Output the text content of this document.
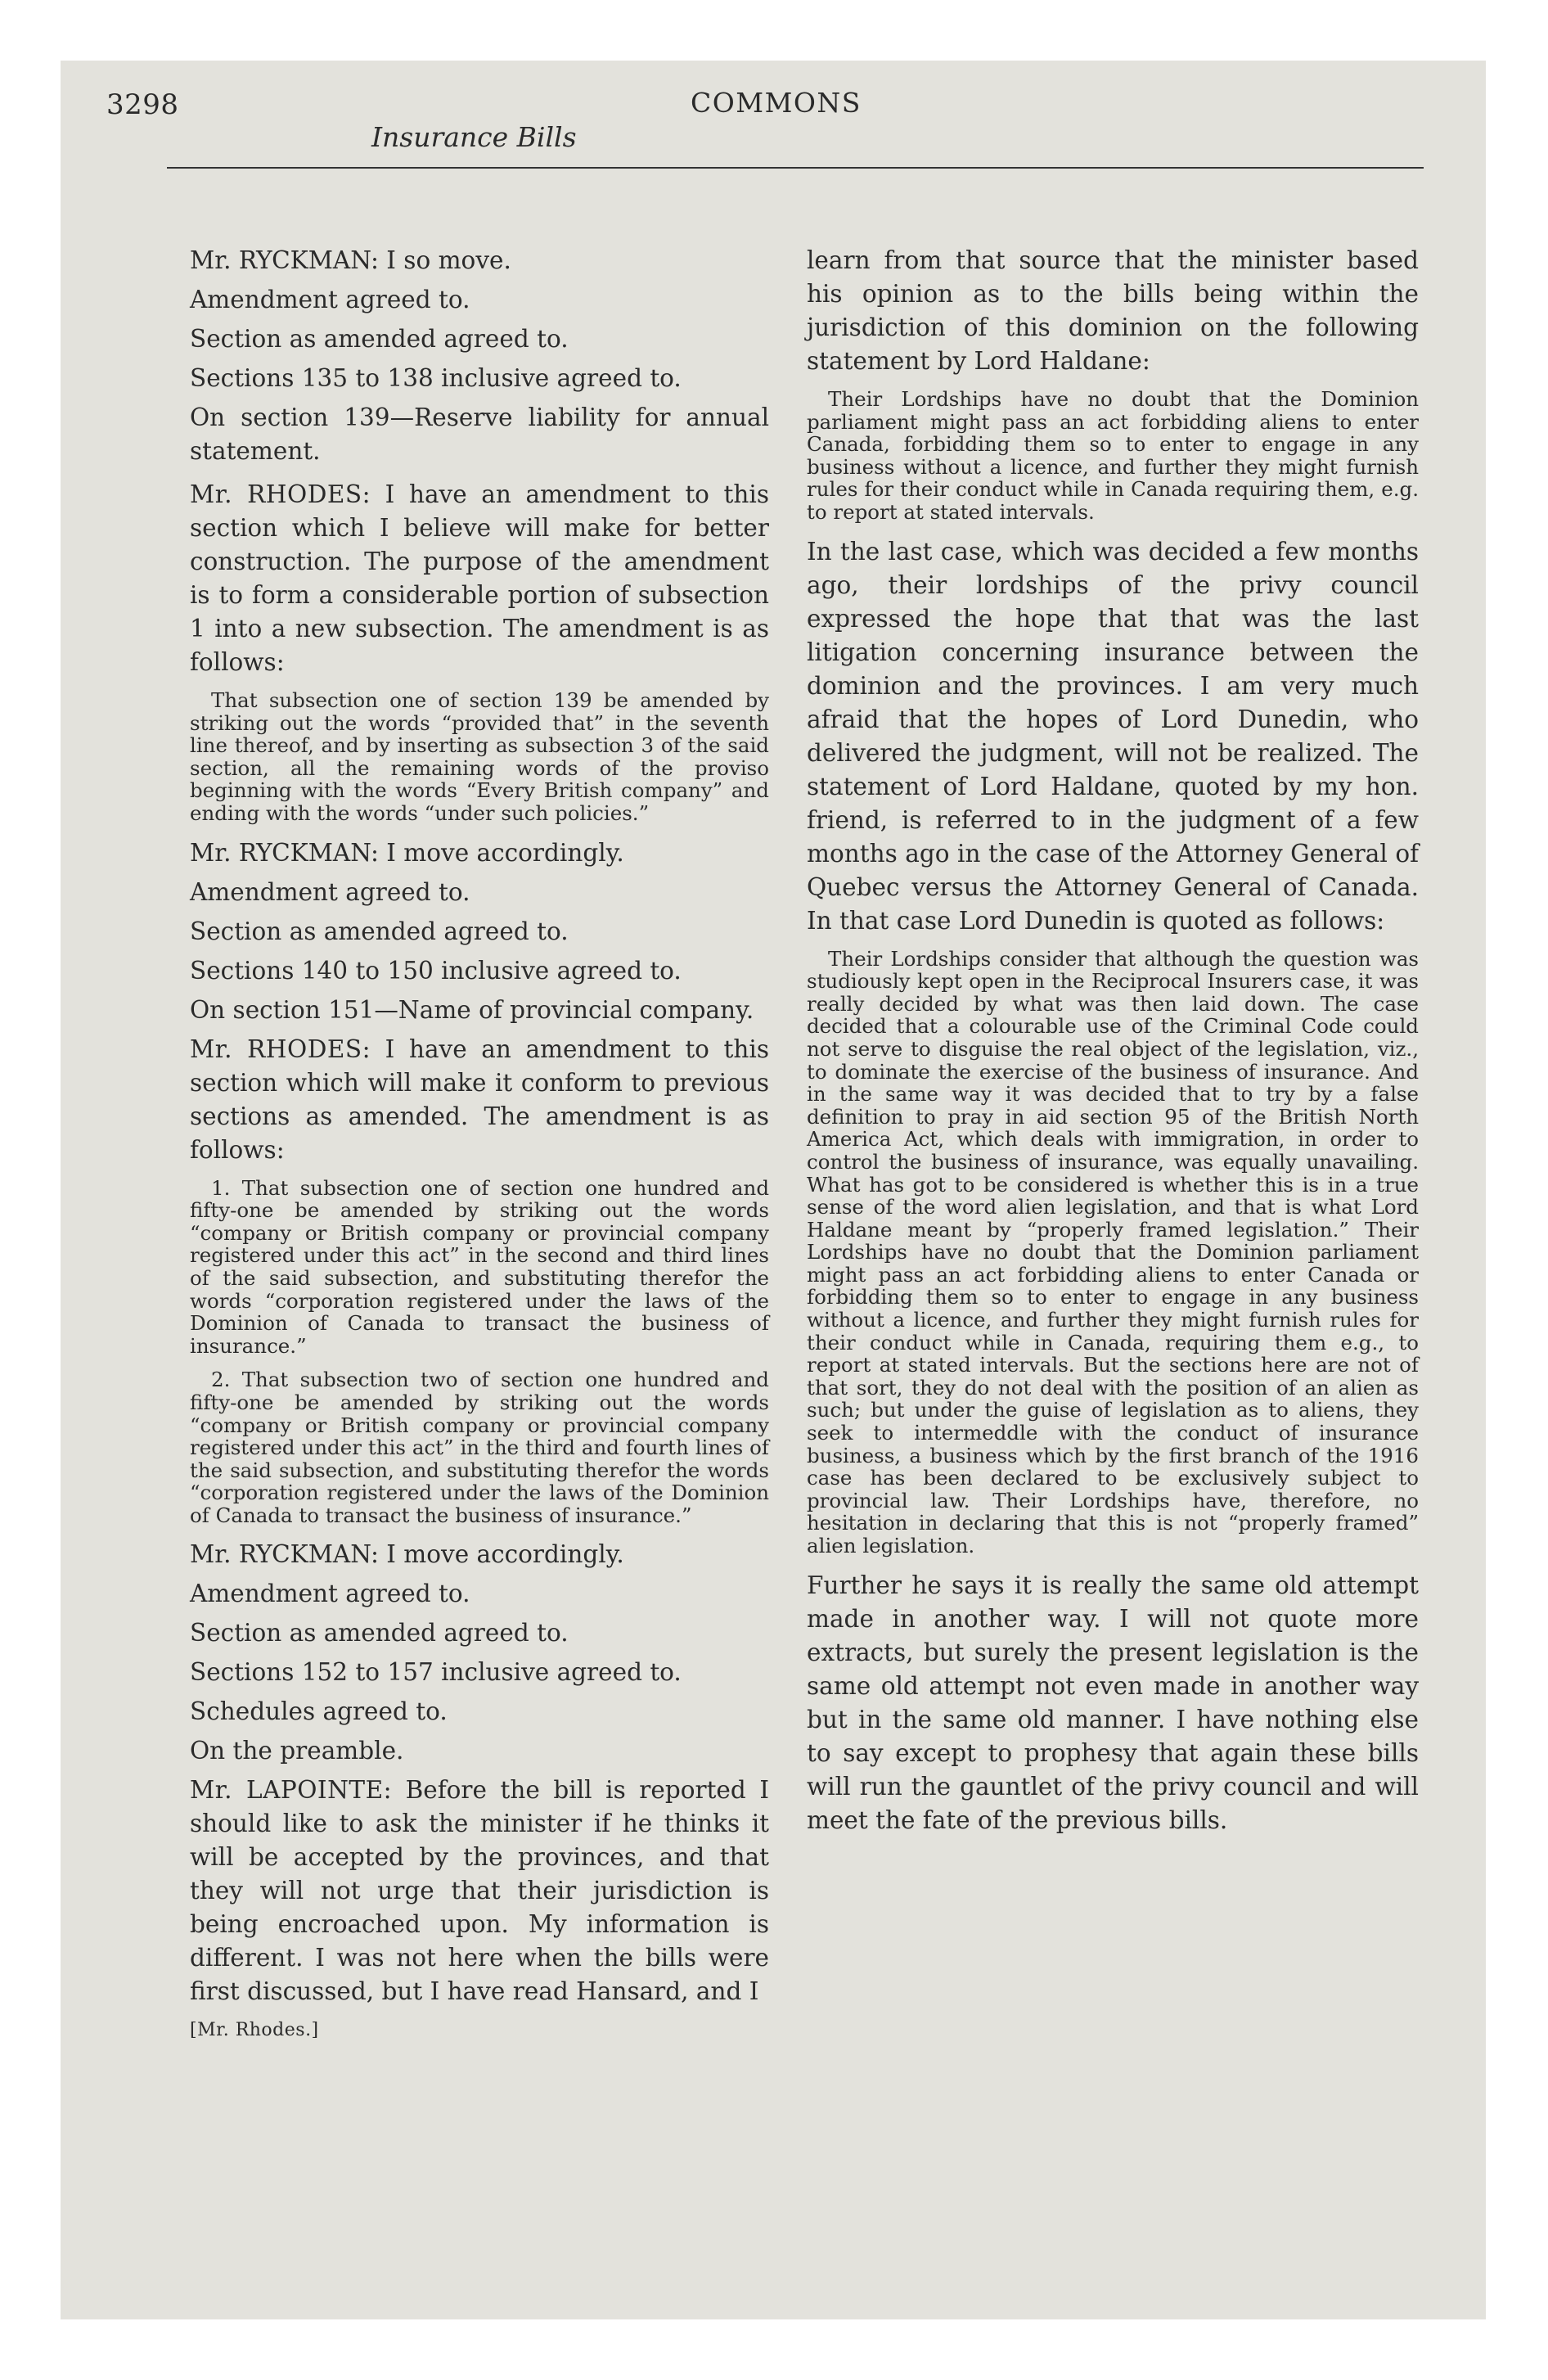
3298	COMMONS
Insurance Bills

Mr. RYCKMAN: I so move.

Amendment agreed to.

Section as amended agreed to.

Sections 135 to 138 inclusive agreed to.

On section 139—Reserve liability for annual statement.

Mr. RHODES: I have an amendment to this section which I believe will make for better construction. The purpose of the amendment is to form a considerable portion of subsection 1 into a new subsection. The amendment is as follows:

That subsection one of section 139 be amended by striking out the words “provided that” in the seventh line thereof, and by inserting as subsection 3 of the said section, all the remaining words of the proviso beginning with the words “Every British company” and ending with the words “under such policies.”

Mr. RYCKMAN: I move accordingly.

Amendment agreed to.

Section as amended agreed to.

Sections 140 to 150 inclusive agreed to.

On section 151—Name of provincial company.

Mr. RHODES: I have an amendment to this section which will make it conform to previous sections as amended. The amendment is as follows:

1. That subsection one of section one hundred and fifty-one be amended by striking out the words “company or British company or provincial company registered under this act” in the second and third lines of the said subsection, and substituting therefor the words “corporation registered under the laws of the Dominion of Canada to transact the business of insurance.”

2. That subsection two of section one hundred and fifty-one be amended by striking out the words “company or British company or provincial company registered under this act” in the third and fourth lines of the said subsection, and substituting therefor the words “corporation registered under the laws of the Dominion of Canada to transact the business of insurance.”

Mr. RYCKMAN: I move accordingly.

Amendment agreed to.

Section as amended agreed to.

Sections 152 to 157 inclusive agreed to.

Schedules agreed to.

On the preamble.

Mr. LAPOINTE: Before the bill is reported I should like to ask the minister if he thinks it will be accepted by the provinces, and that they will not urge that their jurisdiction is being encroached upon. My information is different. I was not here when the bills were first discussed, but I have read Hansard, and I

[Mr. Rhodes.]

learn from that source that the minister based his opinion as to the bills being within the jurisdiction of this dominion on the following statement by Lord Haldane:

Their Lordships have no doubt that the Dominion parliament might pass an act forbidding aliens to enter Canada, forbidding them so to enter to engage in any business without a licence, and further they might furnish rules for their conduct while in Canada requiring them, e.g. to report at stated intervals.

In the last case, which was decided a few months ago, their lordships of the privy council expressed the hope that that was the last litigation concerning insurance between the dominion and the provinces. I am very much afraid that the hopes of Lord Dunedin, who delivered the judgment, will not be realized. The statement of Lord Haldane, quoted by my hon. friend, is referred to in the judgment of a few months ago in the case of the Attorney General of Quebec versus the Attorney General of Canada. In that case Lord Dunedin is quoted as follows:

Their Lordships consider that although the question was studiously kept open in the Reciprocal Insurers case, it was really decided by what was then laid down. The case decided that a colourable use of the Criminal Code could not serve to disguise the real object of the legislation, viz., to dominate the exercise of the business of insurance. And in the same way it was decided that to try by a false definition to pray in aid section 95 of the British North America Act, which deals with immigration, in order to control the business of insurance, was equally unavailing. What has got to be considered is whether this is in a true sense of the word alien legislation, and that is what Lord Haldane meant by “properly framed legislation.” Their Lordships have no doubt that the Dominion parliament might pass an act forbidding aliens to enter Canada or forbidding them so to enter to engage in any business without a licence, and further they might furnish rules for their conduct while in Canada, requiring them e.g., to report at stated intervals. But the sections here are not of that sort, they do not deal with the position of an alien as such; but under the guise of legislation as to aliens, they seek to intermeddle with the conduct of insurance business, a business which by the first branch of the 1916 case has been declared to be exclusively subject to provincial law. Their Lordships have, therefore, no hesitation in declaring that this is not “properly framed” alien legislation.

Further he says it is really the same old attempt made in another way. I will not quote more extracts, but surely the present legislation is the same old attempt not even made in another way but in the same old manner. I have nothing else to say except to prophesy that again these bills will run the gauntlet of the privy council and will meet the fate of the previous bills.
